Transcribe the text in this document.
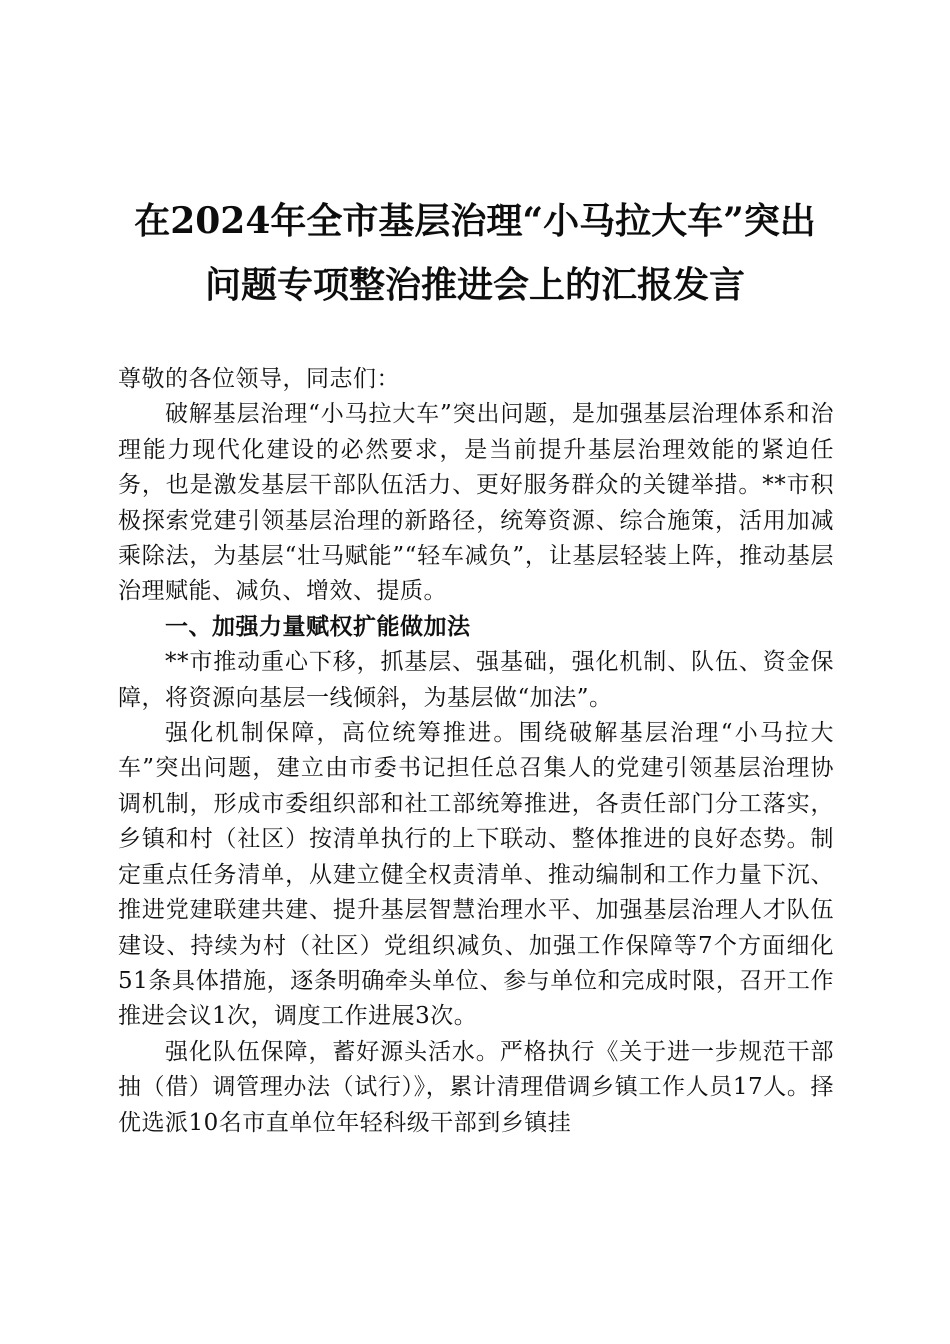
在2024年全市基层治理“小马拉大车”突出
问题专项整治推进会上的汇报发言

尊敬的各位领导，同志们：

破解基层治理“小马拉大车”突出问题，是加强基层治理体系和治理能力现代化建设的必然要求，是当前提升基层治理效能的紧迫任务，也是激发基层干部队伍活力、更好服务群众的关键举措。**市积极探索党建引领基层治理的新路径，统筹资源、综合施策，活用加减乘除法，为基层“壮马赋能”“轻车减负”，让基层轻装上阵，推动基层治理赋能、减负、增效、提质。

一、加强力量赋权扩能做加法

**市推动重心下移，抓基层、强基础，强化机制、队伍、资金保障，将资源向基层一线倾斜，为基层做“加法”。

强化机制保障，高位统筹推进。围绕破解基层治理“小马拉大车”突出问题，建立由市委书记担任总召集人的党建引领基层治理协调机制，形成市委组织部和社工部统筹推进，各责任部门分工落实，乡镇和村（社区）按清单执行的上下联动、整体推进的良好态势。制定重点任务清单，从建立健全权责清单、推动编制和工作力量下沉、推进党建联建共建、提升基层智慧治理水平、加强基层治理人才队伍建设、持续为村（社区）党组织减负、加强工作保障等7个方面细化51条具体措施，逐条明确牵头单位、参与单位和完成时限，召开工作推进会议1次，调度工作进展3次。

强化队伍保障，蓄好源头活水。严格执行《关于进一步规范干部抽（借）调管理办法（试行）》，累计清理借调乡镇工作人员17人。择优选派10名市直单位年轻科级干部到乡镇挂
